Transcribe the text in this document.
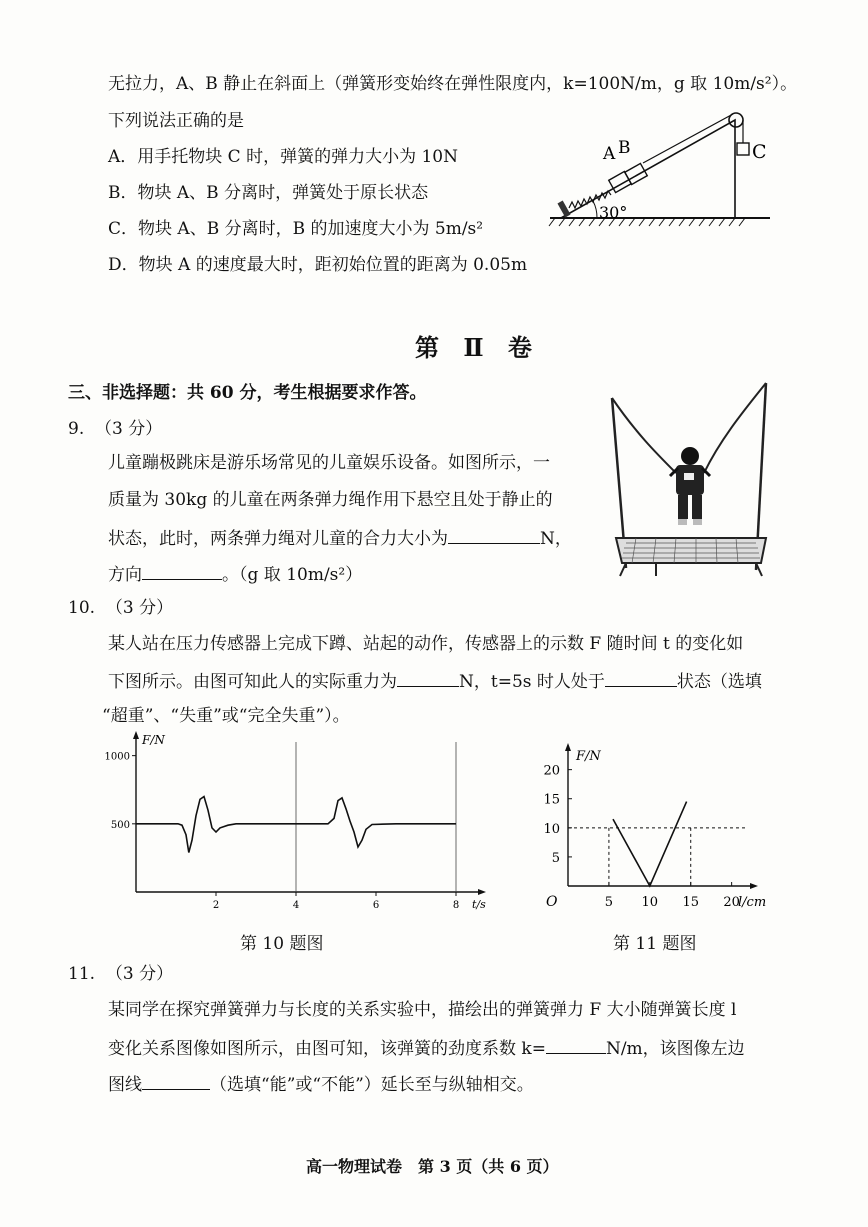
无拉力，A、B 静止在斜面上（弹簧形变始终在弹性限度内，k=100N/m，g 取 10m/s²）。
下列说法正确的是
A．用手托物块 C 时，弹簧的弹力大小为 10N
B．物块 A、B 分离时，弹簧处于原长状态
C．物块 A、B 分离时，B 的加速度大小为 5m/s²
D．物块 A 的速度最大时，距初始位置的距离为 0.05m
A B	C
30°
第 Ⅱ 卷
三、非选择题：共 60 分，考生根据要求作答。
9. （3 分）
儿童蹦极跳床是游乐场常见的儿童娱乐设备。如图所示，一
质量为 30kg 的儿童在两条弹力绳作用下悬空且处于静止的
状态，此时，两条弹力绳对儿童的合力大小为	N，
方向	。（g 取 10m/s²）
10. （3 分）
某人站在压力传感器上完成下蹲、站起的动作，传感器上的示数 F 随时间 t 的变化如
下图所示。由图可知此人的实际重力为	N，t=5s 时人处于	状态（选填
“超重”、“失重”或“完全失重”）。
500
1000
2	4	6	8
F/N
t/s
第 10 题图
5
10
15
20
5 10 15 20
O
F/N
l/cm
第 11 题图
11. （3 分）
某同学在探究弹簧弹力与长度的关系实验中，描绘出的弹簧弹力 F 大小随弹簧长度 l
变化关系图像如图所示，由图可知，该弹簧的劲度系数 k=	N/m，该图像左边
图线	（选填“能”或“不能”）延长至与纵轴相交。
高一物理试卷　第 3 页（共 6 页）
